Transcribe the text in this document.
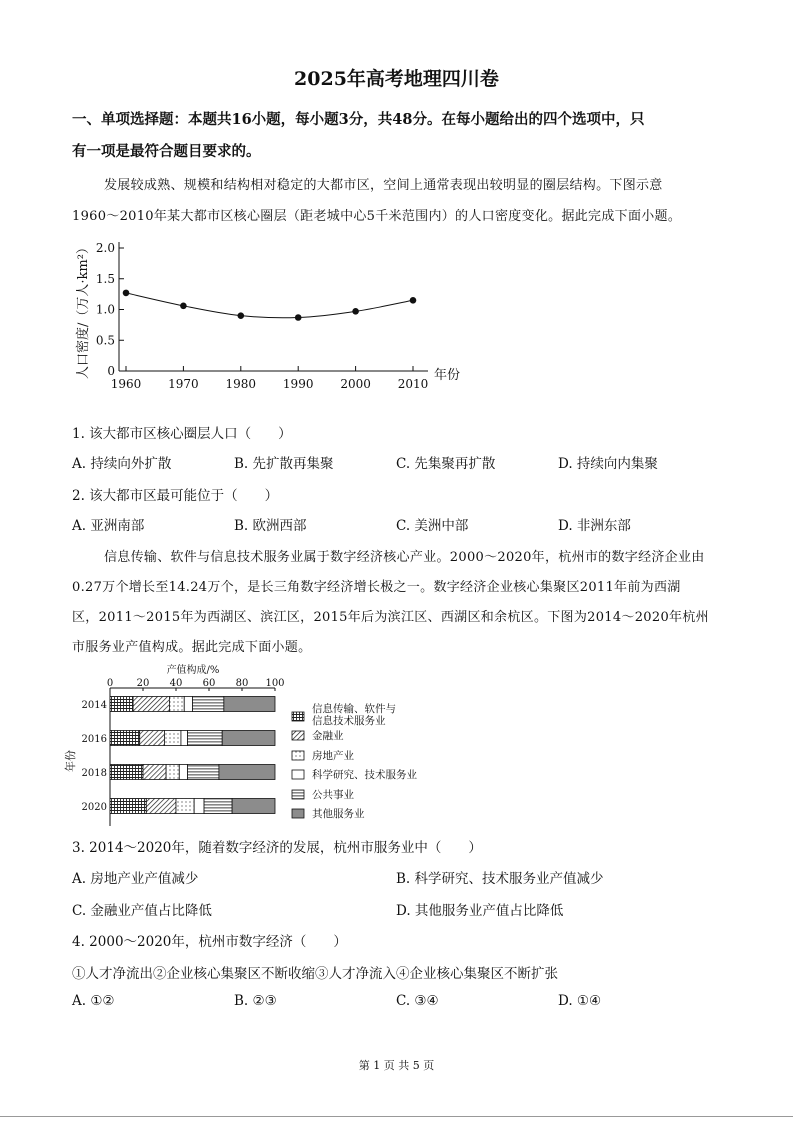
2025年高考地理四川卷
一、单项选择题：本题共16小题，每小题3分，共48分。在每小题给出的四个选项中，只
有一项是最符合题目要求的。
发展较成熟、规模和结构相对稳定的大都市区，空间上通常表现出较明显的圈层结构。下图示意
1960～2010年某大都市区核心圈层（距老城中心5千米范围内）的人口密度变化。据此完成下面小题。
人口密度/（万人·km²） 0
0.5
1.0
1.5
2.0
1960 1970 1980 1990 2000 2010
年份
1. 该大都市区核心圈层人口（　　）
A. 持续向外扩散	B. 先扩散再集聚	C. 先集聚再扩散	D. 持续向内集聚
2. 该大都市区最可能位于（　　）
A. 亚洲南部	B. 欧洲西部	C. 美洲中部	D. 非洲东部
信息传输、软件与信息技术服务业属于数字经济核心产业。2000～2020年，杭州市的数字经济企业由
0.27万个增长至14.24万个，是长三角数字经济增长极之一。数字经济企业核心集聚区2011年前为西湖
区，2011～2015年为西湖区、滨江区，2015年后为滨江区、西湖区和余杭区。下图为2014～2020年杭州
市服务业产值构成。据此完成下面小题。
产值构成/%
0 20 40 60 80 100
2014
2016
2018
2020
年份
信息传输、软件与
信息技术服务业
金融业
房地产业
科学研究、技术服务业
公共事业
其他服务业
3. 2014～2020年，随着数字经济的发展，杭州市服务业中（　　）
A. 房地产业产值减少	B. 科学研究、技术服务业产值减少
C. 金融业产值占比降低	D. 其他服务业产值占比降低
4. 2000～2020年，杭州市数字经济（　　）
①人才净流出②企业核心集聚区不断收缩③人才净流入④企业核心集聚区不断扩张
A. ①②	B. ②③	C. ③④	D. ①④
第 1 页 共 5 页
